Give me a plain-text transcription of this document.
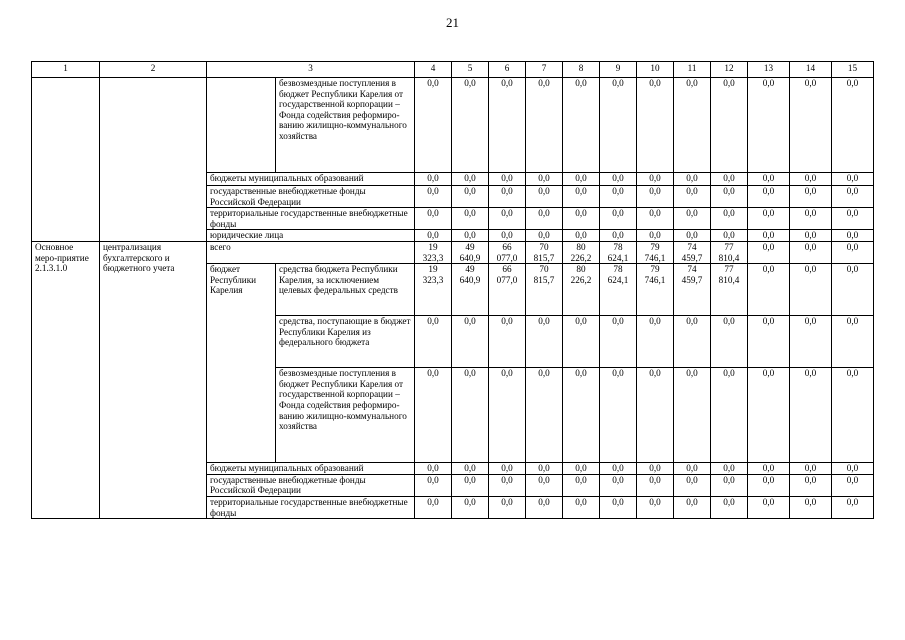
21
1	2	3		4	5	6	7	8	9	10	11	12	13	14	15
			безвозмездные поступления в бюджет Республики Карелия от государственной корпорации – Фонда содействия реформиро-ванию жилищно-коммунального хозяйства	0,0	0,0	0,0	0,0	0,0	0,0	0,0	0,0	0,0	0,0	0,0	0,0
		бюджеты муниципальных образований		0,0	0,0	0,0	0,0	0,0	0,0	0,0	0,0	0,0	0,0	0,0	0,0
		государственные внебюджетные фонды Российской Федерации		0,0	0,0	0,0	0,0	0,0	0,0	0,0	0,0	0,0	0,0	0,0	0,0
		территориальные государственные внебюджетные фонды		0,0	0,0	0,0	0,0	0,0	0,0	0,0	0,0	0,0	0,0	0,0	0,0
		юридические лица		0,0	0,0	0,0	0,0	0,0	0,0	0,0	0,0	0,0	0,0	0,0	0,0
Основное меро-приятие 2.1.3.1.0	централизация бухгалтерского и бюджетного учета	всего		19 323,3	49 640,9	66 077,0	70 815,7	80 226,2	78 624,1	79 746,1	74 459,7	77 810,4	0,0	0,0	0,0
		бюджет Республики Карелия	средства бюджета Республики Карелия, за исключением целевых федеральных средств	19 323,3	49 640,9	66 077,0	70 815,7	80 226,2	78 624,1	79 746,1	74 459,7	77 810,4	0,0	0,0	0,0
			средства, поступающие в бюджет Республики Карелия из федерального бюджета	0,0	0,0	0,0	0,0	0,0	0,0	0,0	0,0	0,0	0,0	0,0	0,0
			безвозмездные поступления в бюджет Республики Карелия от государственной корпорации – Фонда содействия реформиро-ванию жилищно-коммунального хозяйства	0,0	0,0	0,0	0,0	0,0	0,0	0,0	0,0	0,0	0,0	0,0	0,0
		бюджеты муниципальных образований		0,0	0,0	0,0	0,0	0,0	0,0	0,0	0,0	0,0	0,0	0,0	0,0
		государственные внебюджетные фонды Российской Федерации		0,0	0,0	0,0	0,0	0,0	0,0	0,0	0,0	0,0	0,0	0,0	0,0
		территориальные государственные внебюджетные фонды		0,0	0,0	0,0	0,0	0,0	0,0	0,0	0,0	0,0	0,0	0,0	0,0
